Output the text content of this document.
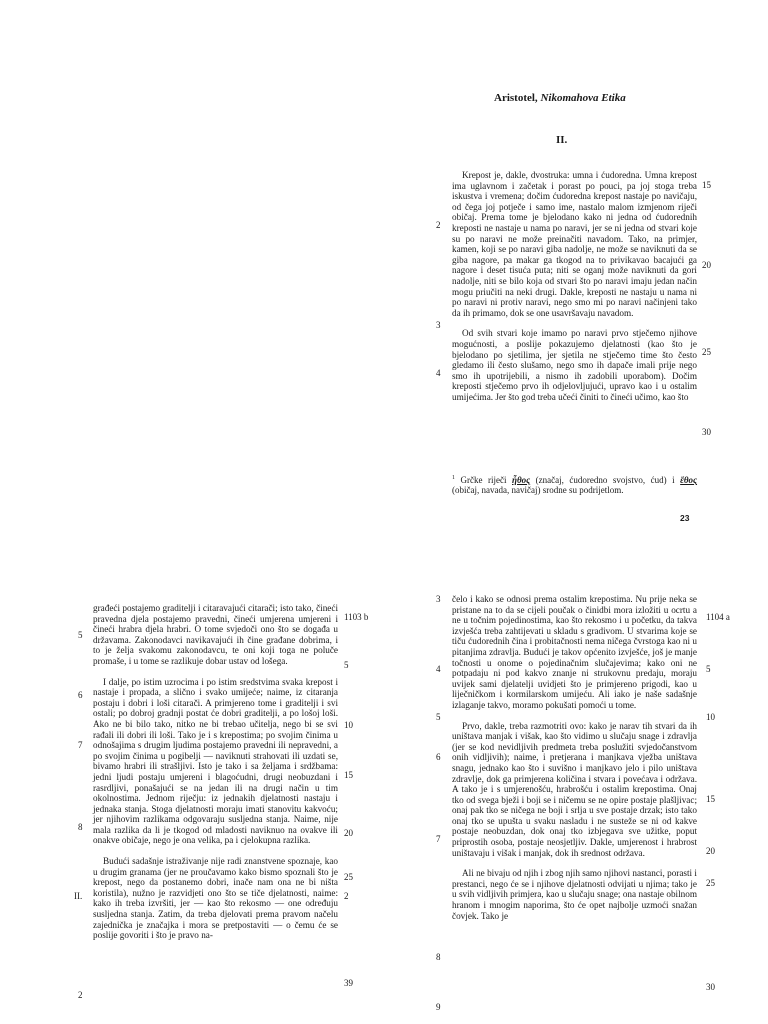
Aristotel, Nikomahova Etika
II.

Krepost je, dakle, dvostruka: umna i ćudoredna. Umna krepost ima uglavnom i začetak i porast po pouci, pa joj stoga treba iskustva i vremena; dočim ćudoredna krepost nastaje po navičaju, od čega joj potječe i samo ime, nastalo malom izmjenom riječi običaj. Prema tome je bjelodano kako ni jedna od ćudorednih kreposti ne nastaje u nama po naravi, jer se ni jedna od stvari koje su po naravi ne može preinačiti navadom. Tako, na primjer, kamen, koji se po naravi giba nadolje, ne može se naviknuti da se giba nagore, pa makar ga tkogod na to privikavao bacajući ga nagore i deset tisuća puta; niti se oganj može naviknuti da gori nadolje, niti se bilo koja od stvari što po naravi imaju jedan način mogu priučiti na neki drugi. Dakle, kreposti ne nastaju u nama ni po naravi ni protiv naravi, nego smo mi po naravi načinjeni tako da ih primamo, dok se one usavršavaju navadom.

Od svih stvari koje imamo po naravi prvo stječemo njihove mogućnosti, a poslije pokazujemo djelatnosti (kao što je bjelodano po sjetilima, jer sjetila ne stječemo time što često gledamo ili često slušamo, nego smo ih dapače imali prije nego smo ih upotrijebili, a nismo ih zadobili uporabom). Dočim kreposti stječemo prvo ih odjelovljujući, upravo kao i u ostalim umijećima. Jer što god treba učeći činiti to čineći učimo, kao što

15
20
25
30
2
3
4
$^1$ Grčke riječi ἦθος (značaj, ćudoredno svojstvo, ćud) i ἔθος (običaj, navada, navičaj) srodne su podrijetlom.
23

građeći postajemo graditelji i citaravajući citarači; isto tako, čineći pravedna djela postajemo pravedni, čineći umjerena umjereni i čineći hrabra djela hrabri. O tome svjedoči ono što se događa u državama. Zakonodavci navikavajući ih čine građane dobrima, i to je želja svakomu zakonodavcu, te oni koji toga ne poluče promaše, i u tome se razlikuje dobar ustav od lošega.

I dalje, po istim uzrocima i po istim sredstvima svaka krepost i nastaje i propada, a slično i svako umijeće; naime, iz citaranja postaju i dobri i loši citarači. A primjereno tome i graditelji i svi ostali; po dobroj gradnji postat će dobri graditelji, a po lošoj loši. Ako ne bi bilo tako, nitko ne bi trebao učitelja, nego bi se svi rađali ili dobri ili loši. Tako je i s krepostima; po svojim činima u odnošajima s drugim ljudima postajemo pravedni ili nepravedni, a po svojim činima u pogibelji — naviknuti strahovati ili uzdati se, bivamo hrabri ili strašljivi. Isto je tako i sa željama i srdžbama: jedni ljudi postaju umjereni i blagoćudni, drugi neobuzdani i rasrdljivi, ponašajući se na jedan ili na drugi način u tim okolnostima. Jednom riječju: iz jednakih djelatnosti nastaju i jednaka stanja. Stoga djelatnosti moraju imati stanovitu kakvoću; jer njihovim razlikama odgovaraju susljedna stanja. Naime, nije mala razlika da li je tkogod od mladosti naviknuo na ovakve ili onakve običaje, nego je ona velika, pa i cjelokupna razlika.

Budući sadašnje istraživanje nije radi znanstvene spoznaje, kao u drugim granama (jer ne proučavamo kako bismo spoznali što je krepost, nego da postanemo dobri, inače nam ona ne bi ništa koristila), nužno je razvidjeti ono što se tiče djelatnosti, naime: kako ih treba izvršiti, jer — kao što rekosmo — one određuju susljedna stanja. Zatim, da treba djelovati prema pravom načelu zajednička je značajka i mora se pretpostaviti — o čemu će se poslije govoriti i što je pravo na-

5
6
7
8
II.
2
1103 b
5
10
15
20
25
2
39

čelo i kako se odnosi prema ostalim krepostima. Nu prije neka se pristane na to da se cijeli poučak o činidbi mora izložiti u ocrtu a ne u točnim pojedinostima, kao što rekosmo i u početku, da takva izvješća treba zahtijevati u skladu s gradivom. U stvarima koje se tiču ćudorednih čina i probitačnosti nema ničega čvrstoga kao ni u pitanjima zdravlja. Budući je takov općenito izvješće, još je manje točnosti u onome o pojedinačnim slučajevima; kako oni ne potpadaju ni pod kakvo znanje ni strukovnu predaju, moraju uvijek sami djelatelji uvidjeti što je primjereno prigodi, kao u liječničkom i kormilarskom umijeću. Ali iako je naše sadašnje izlaganje takvo, moramo pokušati pomoći u tome.

Prvo, dakle, treba razmotriti ovo: kako je narav tih stvari da ih uništava manjak i višak, kao što vidimo u slučaju snage i zdravlja (jer se kod nevidljivih predmeta treba poslužiti svjedočanstvom onih vidljivih); naime, i pretjerana i manjkava vježba uništava snagu, jednako kao što i suvišno i manjkavo jelo i pilo uništava zdravlje, dok ga primjerena količina i stvara i povećava i održava. A tako je i s umjerenošću, hrabrošću i ostalim krepostima. Onaj tko od svega bježi i boji se i ničemu se ne opire postaje plašljivac; onaj pak tko se ničega ne boji i srlja u sve postaje drzak; isto tako onaj tko se upušta u svaku nasladu i ne sustežе se ni od kakve postaje neobuzdan, dok onaj tko izbjegava sve užitke, poput priprostih osoba, postaje neosjetljiv. Dakle, umjerenost i hrabrost uništavaju i višak i manjak, dok ih srednost održava.

Ali ne bivaju od njih i zbog njih samo njihovi nastanci, porasti i prestanci, nego će se i njihove djelatnosti odvijati u njima; tako je u svih vidljivih primjera, kao u slučaju snage; ona nastaje obilnom hranom i mnogim naporima, što će opet najbolje uzmoći snažan čovjek. Tako je

3
4
5
6
7
8
9
1104 a
5
10
15
20
25
30
